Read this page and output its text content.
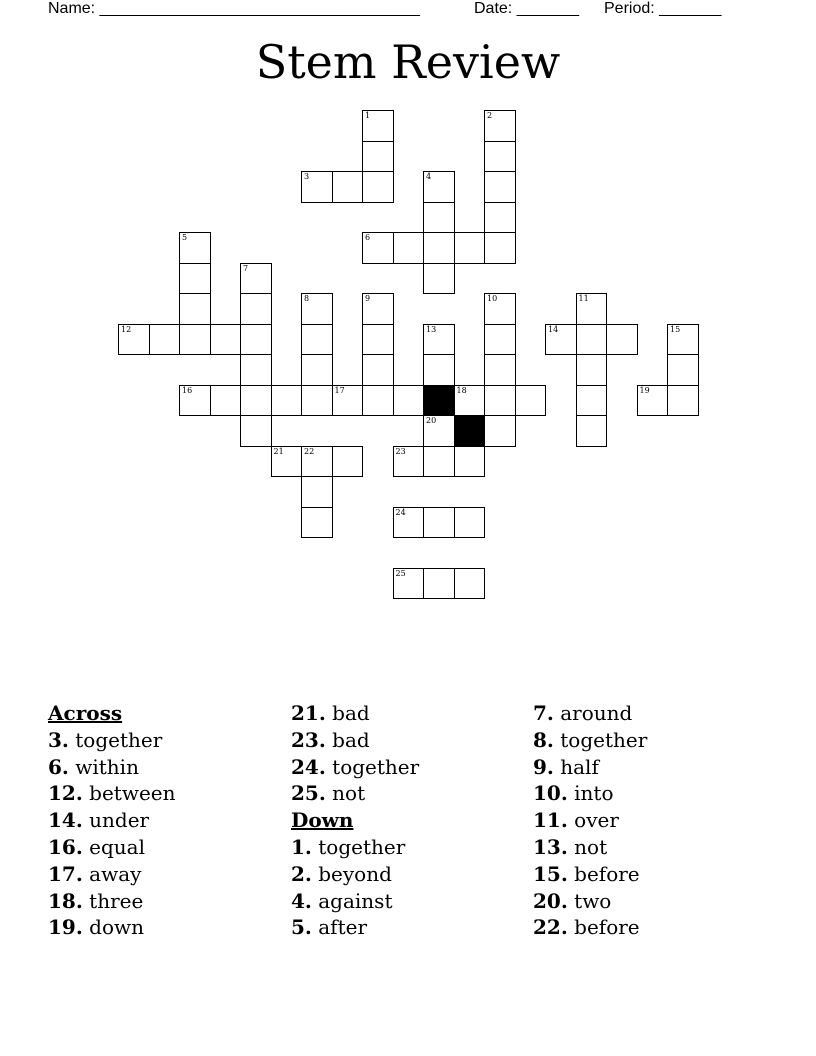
Name: ____________________________________	Date: _______ Period: _______
Stem Review
1
3
2
4
6
5
7
8	9	10	11
12	14	15
17	18	19
20
21	22	23
24
25
16
13
Across
3. together
6. within
12. between
14. under
16. equal
17. away
18. three
19. down
21. bad
23. bad
24. together
25. not
Down
1. together
2. beyond
4. against
5. after
7. around
8. together
9. half
10. into
11. over
13. not
15. before
20. two
22. before
